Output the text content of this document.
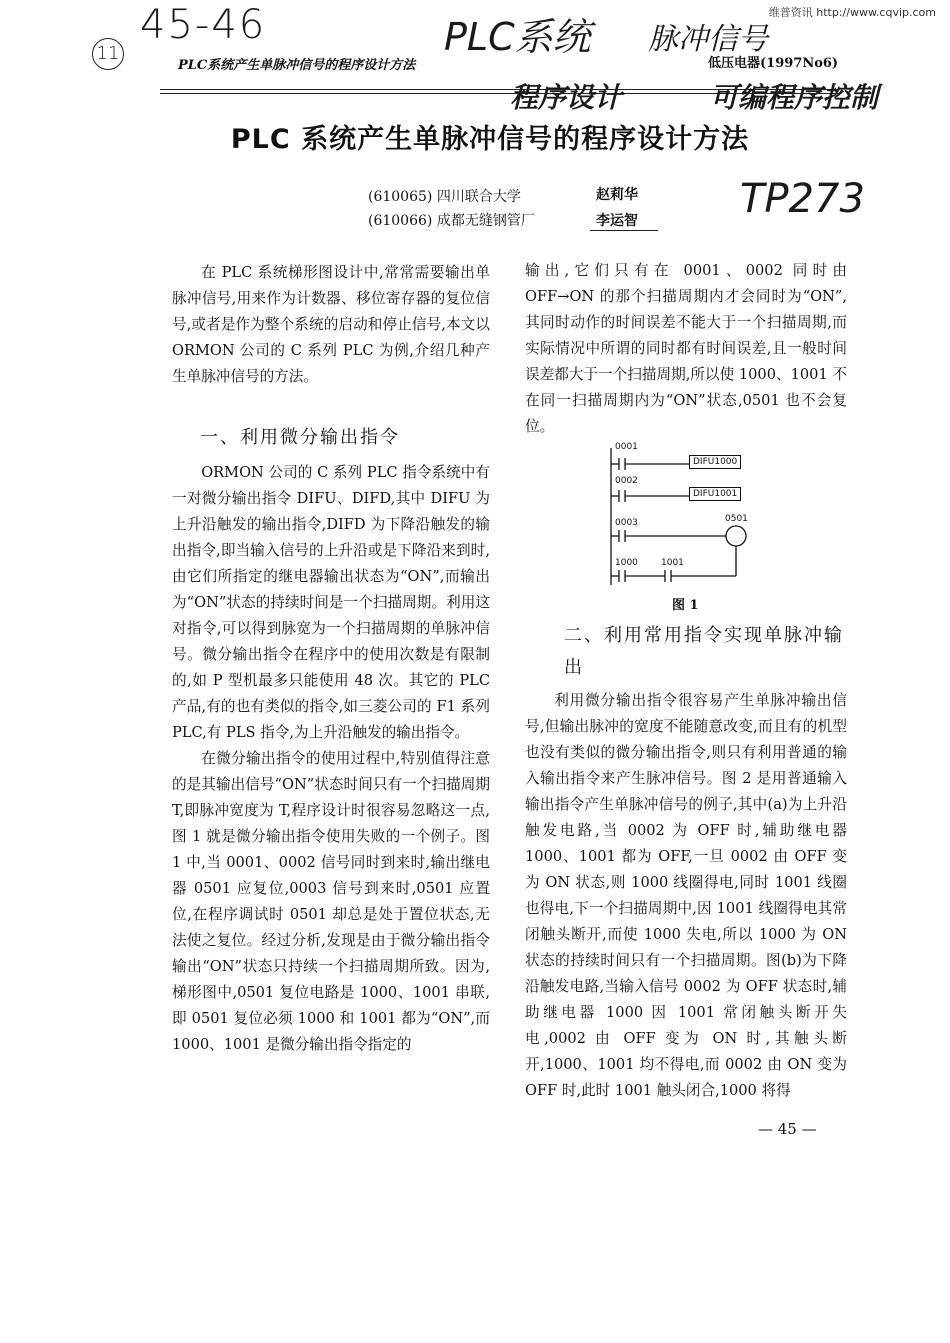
维普资讯 http://www.cqvip.com
PLC系统产生单脉冲信号的程序设计方法	低压电器(1997No6)
11
45-46	PLC系统 脉冲信号
程序设计	可编程序控制
TP273
PLC 系统产生单脉冲信号的程序设计方法
(610065) 四川联合大学	赵莉华
(610066) 成都无缝钢管厂	李运智

在 PLC 系统梯形图设计中,常常需要输出单脉冲信号,用来作为计数器、移位寄存器的复位信号,或者是作为整个系统的启动和停止信号,本文以 ORMON 公司的 C 系列 PLC 为例,介绍几种产生单脉冲信号的方法。

一、利用微分输出指令

ORMON 公司的 C 系列 PLC 指令系统中有一对微分输出指令 DIFU、DIFD,其中 DIFU 为上升沿触发的输出指令,DIFD 为下降沿触发的输出指令,即当输入信号的上升沿或是下降沿来到时,由它们所指定的继电器输出状态为“ON”,而输出为“ON”状态的持续时间是一个扫描周期。利用这对指令,可以得到脉宽为一个扫描周期的单脉冲信号。微分输出指令在程序中的使用次数是有限制的,如 P 型机最多只能使用 48 次。其它的 PLC 产品,有的也有类似的指令,如三菱公司的 F1 系列 PLC,有 PLS 指令,为上升沿触发的输出指令。

在微分输出指令的使用过程中,特别值得注意的是其输出信号“ON”状态时间只有一个扫描周期 T,即脉冲宽度为 T,程序设计时很容易忽略这一点,图 1 就是微分输出指令使用失败的一个例子。图 1 中,当 0001、0002 信号同时到来时,输出继电器 0501 应复位,0003 信号到来时,0501 应置位,在程序调试时 0501 却总是处于置位状态,无法使之复位。经过分析,发现是由于微分输出指令输出“ON”状态只持续一个扫描周期所致。因为,梯形图中,0501 复位电路是 1000、1001 串联,即 0501 复位必须 1000 和 1001 都为“ON”,而 1000、1001 是微分输出指令指定的

输出,它们只有在 0001、0002 同时由 OFF→ON 的那个扫描周期内才会同时为“ON”,其同时动作的时间误差不能大于一个扫描周期,而实际情况中所谓的同时都有时间误差,且一般时间误差都大于一个扫描周期,所以使 1000、1001 不在同一扫描周期内为“ON”状态,0501 也不会复位。

0001
0002
0003
1000	1001
0501
DIFU1000
DIFU1001
图 1
二、利用常用指令实现单脉冲输出

利用微分输出指令很容易产生单脉冲输出信号,但输出脉冲的宽度不能随意改变,而且有的机型也没有类似的微分输出指令,则只有利用普通的输入输出指令来产生脉冲信号。图 2 是用普通输入输出指令产生单脉冲信号的例子,其中(a)为上升沿触发电路,当 0002 为 OFF 时,辅助继电器 1000、1001 都为 OFF,一旦 0002 由 OFF 变为 ON 状态,则 1000 线圈得电,同时 1001 线圈也得电,下一个扫描周期中,因 1001 线圈得电其常闭触头断开,而使 1000 失电,所以 1000 为 ON 状态的持续时间只有一个扫描周期。图(b)为下降沿触发电路,当输入信号 0002 为 OFF 状态时,辅助继电器 1000 因 1001 常闭触头断开失电,0002 由 OFF 变为 ON 时,其触头断开,1000、1001 均不得电,而 0002 由 ON 变为 OFF 时,此时 1001 触头闭合,1000 将得

— 45 —
